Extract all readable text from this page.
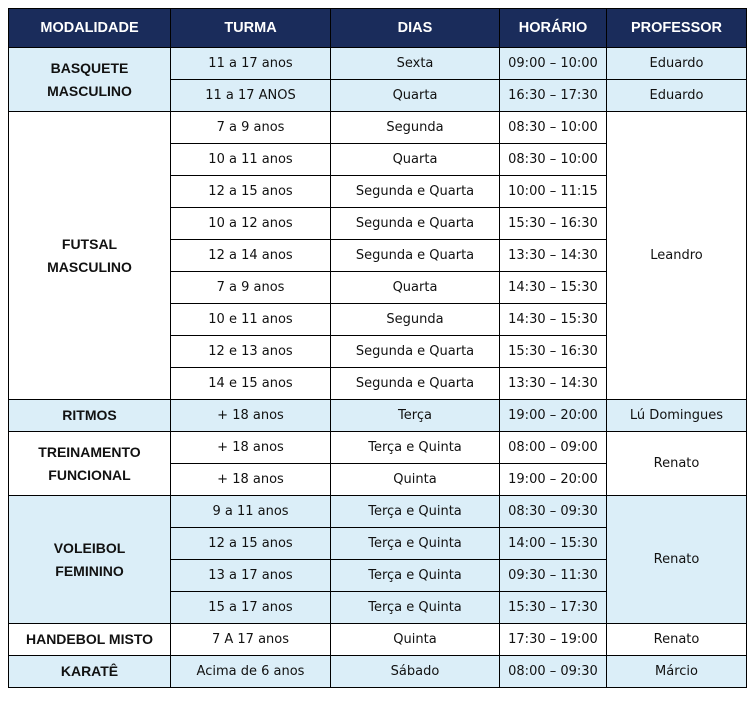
MODALIDADE	TURMA	DIAS	HORÁRIO	PROFESSOR
BASQUETE
MASCULINO	11 a 17 anos	Sexta	09:00 – 10:00	Eduardo
	11 a 17 ANOS	Quarta	16:30 – 17:30	Eduardo
FUTSAL
MASCULINO	7 a 9 anos	Segunda	08:30 – 10:00	Leandro
	10 a 11 anos	Quarta	08:30 – 10:00	
	12 a 15 anos	Segunda e Quarta	10:00 – 11:15	
	10 a 12 anos	Segunda e Quarta	15:30 – 16:30	
	12 a 14 anos	Segunda e Quarta	13:30 – 14:30	
	7 a 9 anos	Quarta	14:30 – 15:30	
	10 e 11 anos	Segunda	14:30 – 15:30	
	12 e 13 anos	Segunda e Quarta	15:30 – 16:30	
	14 e 15 anos	Segunda e Quarta	13:30 – 14:30	
RITMOS	+ 18 anos	Terça	19:00 – 20:00	Lú Domingues
TREINAMENTO
FUNCIONAL	+ 18 anos	Terça e Quinta	08:00 – 09:00	Renato
	+ 18 anos	Quinta	19:00 – 20:00	
VOLEIBOL
FEMININO	9 a 11 anos	Terça e Quinta	08:30 – 09:30	Renato
	12 a 15 anos	Terça e Quinta	14:00 – 15:30	
	13 a 17 anos	Terça e Quinta	09:30 – 11:30	
	15 a 17 anos	Terça e Quinta	15:30 – 17:30	
HANDEBOL MISTO	7 A 17 anos	Quinta	17:30 – 19:00	Renato
KARATÊ	Acima de 6 anos	Sábado	08:00 – 09:30	Márcio
